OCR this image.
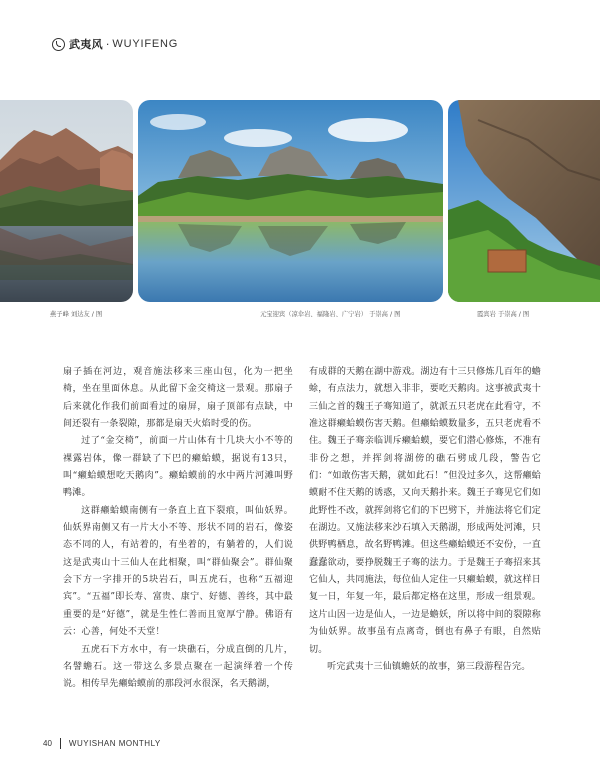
武夷风 · WUYIFENG
燕子峰 刘达友 / 图	元宝迎宾（凉伞岩、福隆岩、广宁岩） 于崇高 / 图	霞宾岩 于崇高 / 图

扇子插在河边，观音施法移来三座山包，化为一把坐椅，坐在里面休息。从此留下金交椅这一景观。那扇子后来就化作我们前面看过的扇屏，扇子顶部有点缺，中间还裂有一条裂隙，那都是扇天火焰时受的伤。

过了“金交椅”，前面一片山体有十几块大小不等的裸露岩体，像一群缺了下巴的癞蛤蟆，据说有13只，叫“癞蛤蟆想吃天鹅肉”。癞蛤蟆前的水中两片河滩叫野鸭滩。

这群癞蛤蟆南侧有一条直上直下裂痕，叫仙妖界。仙妖界南侧又有一片大小不等、形状不同的岩石，像姿态不同的人，有站着的，有坐着的，有躺着的，人们说这是武夷山十三仙人在此相聚，叫“群仙聚会”。群仙聚会下方一字排开的5块岩石，叫五虎石，也称“五福迎宾”。“五福”即长寿、富贵、康宁、好德、善终，其中最重要的是“好德”，就是生性仁善而且宽厚宁静。佛语有云：心善，何处不天堂！

五虎石下方水中，有一块礁石，分成直倒的几片，名譬蟾石。这一带这么多景点聚在一起演绎着一个传说。相传早先癞蛤蟆前的那段河水很深，名天鹅湖，

有成群的天鹅在湖中游戏。湖边有十三只修炼几百年的蟾蜍，有点法力，就想入非非，要吃天鹅肉。这事被武夷十三仙之首的魏王子骞知道了，就派五只老虎在此看守，不准这群癞蛤蟆伤害天鹅。但癞蛤蟆数量多，五只老虎看不住。魏王子骞亲临训斥癞蛤蟆，要它们潜心修炼，不准有非份之想，并挥剑将湖傍的礁石劈成几段，警告它们：“如敢伤害天鹅，就如此石！”但没过多久，这帮癞蛤蟆耐不住天鹅的诱惑，又向天鹅扑来。魏王子骞见它们如此野性不改，就挥剑将它们的下巴劈下，并施法将它们定在湖边。又施法移来沙石填入天鹅湖，形成两处河滩，只供野鸭栖息，故名野鸭滩。但这些癞蛤蟆还不安份，一直蠢蠢欲动，要挣脱魏王子骞的法力。于是魏王子骞招来其它仙人，共同施法，每位仙人定住一只癞蛤蟆，就这样日复一日，年复一年，最后都定格在这里，形成一组景观。这片山因一边是仙人，一边是蟾妖，所以将中间的裂隙称为仙妖界。故事虽有点离奇，倒也有鼻子有眼，自然贴切。

听完武夷十三仙镇蟾妖的故事，第三段游程告完。

40 WUYISHAN MONTHLY
